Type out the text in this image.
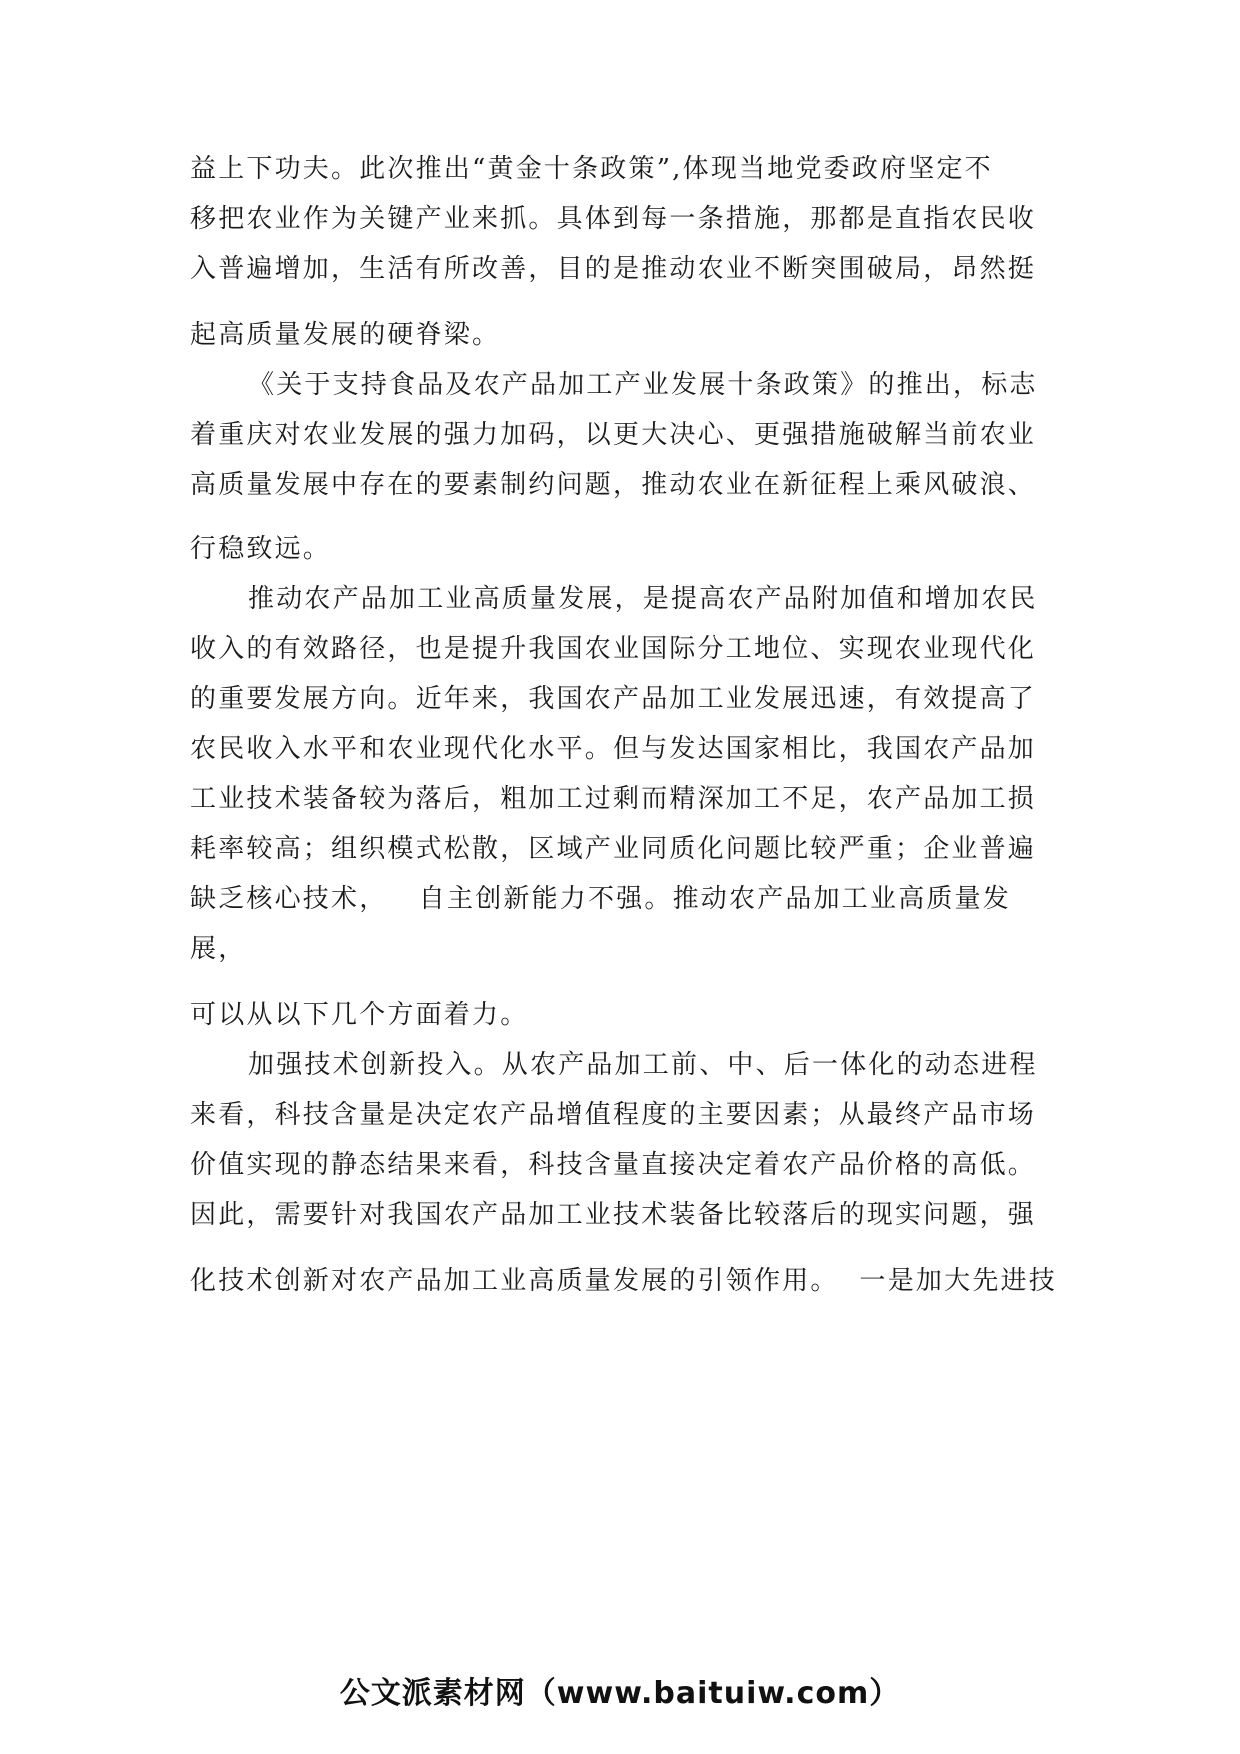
益上下功夫。此次推出“黄金十条政策”,体现当地党委政府坚定不

移把农业作为关键产业来抓。具体到每一条措施，那都是直指农民收

入普遍增加，生活有所改善，目的是推动农业不断突围破局，昂然挺

起高质量发展的硬脊梁。

《关于支持食品及农产品加工产业发展十条政策》的推出，标志

着重庆对农业发展的强力加码，以更大决心、更强措施破解当前农业

高质量发展中存在的要素制约问题，推动农业在新征程上乘风破浪、

行稳致远。

推动农产品加工业高质量发展，是提高农产品附加值和增加农民

收入的有效路径，也是提升我国农业国际分工地位、实现农业现代化

的重要发展方向。近年来，我国农产品加工业发展迅速，有效提高了

农民收入水平和农业现代化水平。但与发达国家相比，我国农产品加

工业技术装备较为落后，粗加工过剩而精深加工不足，农产品加工损

耗率较高；组织模式松散，区域产业同质化问题比较严重；企业普遍

缺乏核心技术，   自主创新能力不强。推动农产品加工业高质量发

展，

可以从以下几个方面着力。

加强技术创新投入。从农产品加工前、中、后一体化的动态进程

来看，科技含量是决定农产品增值程度的主要因素；从最终产品市场

价值实现的静态结果来看，科技含量直接决定着农产品价格的高低。

因此，需要针对我国农产品加工业技术装备比较落后的现实问题，强

化技术创新对农产品加工业高质量发展的引领作用。  一是加大先进技

公文派素材网（www.baituiw.com）
